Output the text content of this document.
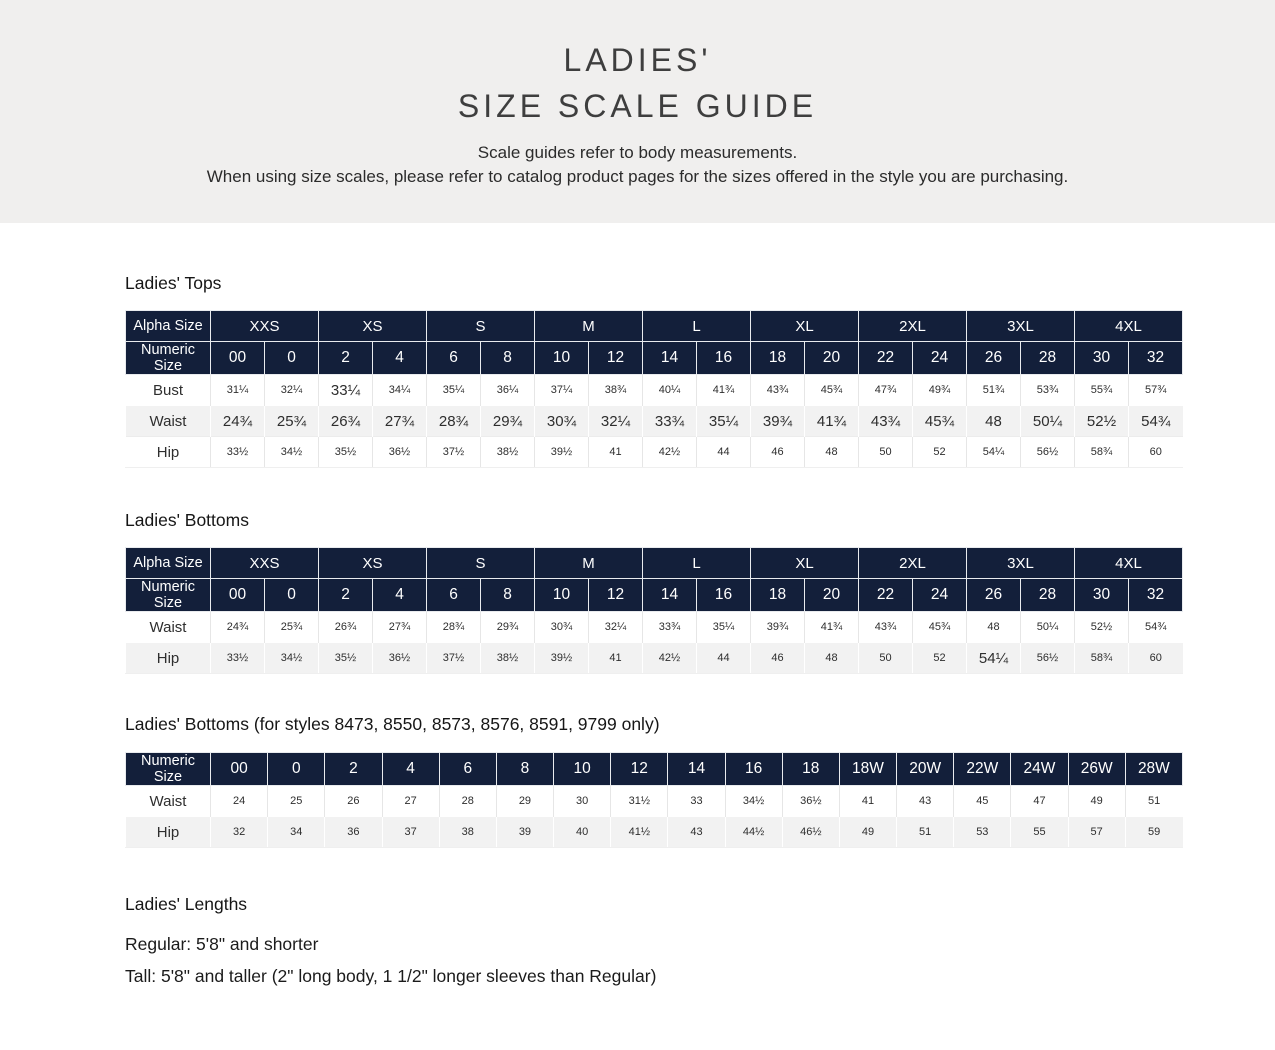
LADIES'
SIZE SCALE GUIDE
Scale guides refer to body measurements.
When using size scales, please refer to catalog product pages for the sizes offered in the style you are purchasing.
Ladies' Tops
Alpha Size	XXS		XS		S		M		L		XL		2XL		3XL		4XL	
Numeric Size	00	0	2	4	6	8	10	12	14	16	18	20	22	24	26	28	30	32
Bust	31¼	32¼	33¼	34¼	35¼	36¼	37¼	38¾	40¼	41¾	43¾	45¾	47¾	49¾	51¾	53¾	55¾	57¾
Waist	24¾	25¾	26¾	27¾	28¾	29¾	30¾	32¼	33¾	35¼	39¾	41¾	43¾	45¾	48	50¼	52½	54¾
Hip	33½	34½	35½	36½	37½	38½	39½	41	42½	44	46	48	50	52	54¼	56½	58¾	60
Ladies' Bottoms
Alpha Size	XXS		XS		S		M		L		XL		2XL		3XL		4XL	
Numeric Size	00	0	2	4	6	8	10	12	14	16	18	20	22	24	26	28	30	32
Waist	24¾	25¾	26¾	27¾	28¾	29¾	30¾	32¼	33¾	35¼	39¾	41¾	43¾	45¾	48	50¼	52½	54¾
Hip	33½	34½	35½	36½	37½	38½	39½	41	42½	44	46	48	50	52	54¼	56½	58¾	60
Ladies' Bottoms (for styles 8473, 8550, 8573, 8576, 8591, 9799 only)
Numeric Size	00	0	2	4	6	8	10	12	14	16	18	18W	20W	22W	24W	26W	28W
Waist	24	25	26	27	28	29	30	31½	33	34½	36½	41	43	45	47	49	51
Hip	32	34	36	37	38	39	40	41½	43	44½	46½	49	51	53	55	57	59
Ladies' Lengths

Regular: 5'8" and shorter

Tall: 5'8" and taller (2" long body, 1 1/2" longer sleeves than Regular)
